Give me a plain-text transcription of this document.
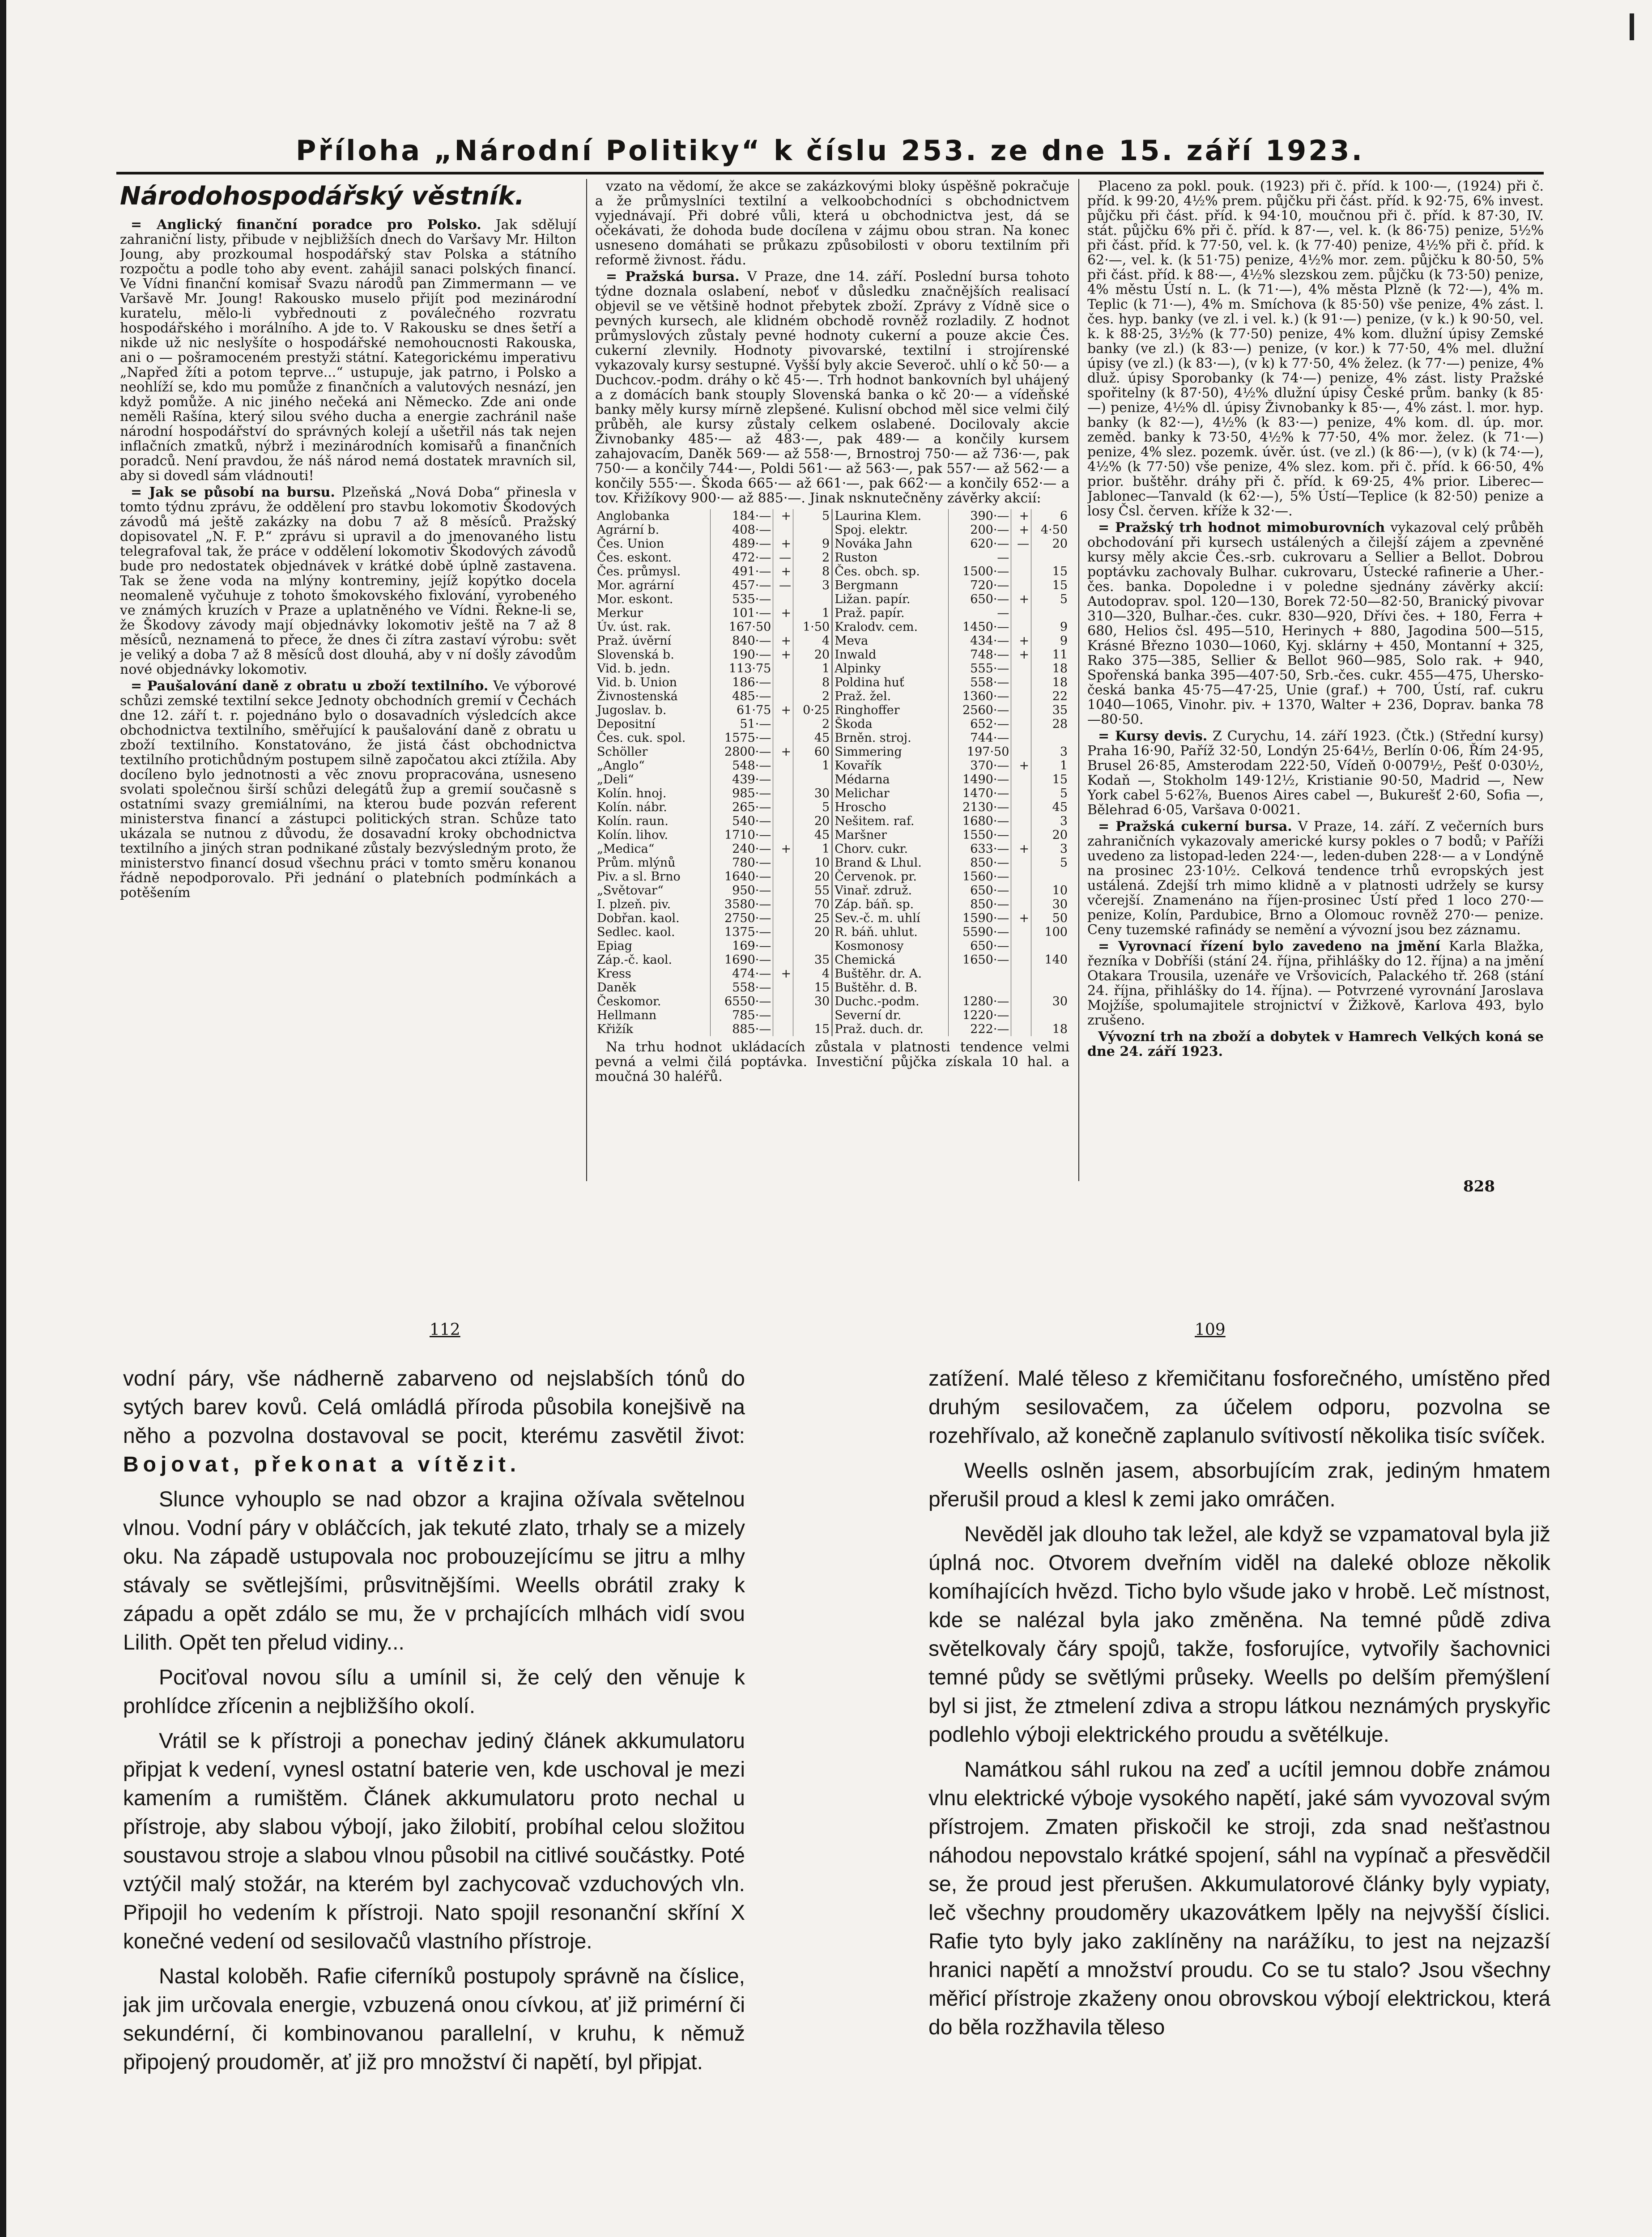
Příloha „Národní Politiky“ k číslu 253. ze dne 15. září 1923.
Národohospodářský věstník.

= Anglický finanční poradce pro Polsko. Jak sdělují zahraniční listy, přibude v nejbližších dnech do Varšavy Mr. Hilton Joung, aby prozkoumal hospodářský stav Polska a státního rozpočtu a podle toho aby event. zahájil sanaci polských financí. Ve Vídni finanční komisař Svazu národů pan Zimmermann — ve Varšavě Mr. Joung! Rakousko muselo přijít pod mezinárodní kuratelu, mělo-li vybřednouti z poválečného rozvratu hospodářského i morálního. A jde to. V Rakousku se dnes šetří a nikde už nic neslyšíte o hospodářské nemohoucnosti Rakouska, ani o — pošramoceném prestyži státní. Kategorickému imperativu „Napřed žíti a potom teprve...“ ustupuje, jak patrno, i Polsko a neohlíží se, kdo mu pomůže z finančních a valutových nesnází, jen když pomůže. A nic jiného nečeká ani Německo. Zde ani onde neměli Rašína, který silou svého ducha a energie zachránil naše národní hospodářství do správných kolejí a ušetřil nás tak nejen inflačních zmatků, nýbrž i mezinárodních komisařů a finančních poradců. Není pravdou, že náš národ nemá dostatek mravních sil, aby si dovedl sám vládnouti!

= Jak se působí na bursu. Plzeňská „Nová Doba“ přinesla v tomto týdnu zprávu, že oddělení pro stavbu lokomotiv Škodových závodů má ještě zakázky na dobu 7 až 8 měsíců. Pražský dopisovatel „N. F. P.“ zprávu si upravil a do jmenovaného listu telegrafoval tak, že práce v oddělení lokomotiv Škodových závodů bude pro nedostatek objednávek v krátké době úplně zastavena. Tak se žene voda na mlýny kontreminy, jejíž kopýtko docela neomaleně vyčuhuje z tohoto šmokovského fixlování, vyrobeného ve známých kruzích v Praze a uplatněného ve Vídni. Řekne-li se, že Škodovy závody mají objednávky lokomotiv ještě na 7 až 8 měsíců, neznamená to přece, že dnes či zítra zastaví výrobu: svět je veliký a doba 7 až 8 měsíců dost dlouhá, aby v ní došly závodům nové objednávky lokomotiv.

= Paušalování daně z obratu u zboží textilního. Ve výborové schůzi zemské textilní sekce Jednoty obchodních gremií v Čechách dne 12. září t. r. pojednáno bylo o dosavadních výsledcích akce obchodnictva textilního, směřující k paušalování daně z obratu u zboží textilního. Konstatováno, že jistá část obchodnictva textilního protichůdným postupem silně započatou akci ztížila. Aby docíleno bylo jednotnosti a věc znovu propracována, usneseno svolati společnou širší schůzi delegátů žup a gremií současně s ostatními svazy gremiálními, na kterou bude pozván referent ministerstva financí a zástupci politických stran. Schůze tato ukázala se nutnou z důvodu, že dosavadní kroky obchodnictva textilního a jiných stran podnikané zůstaly bezvýsledným proto, že ministerstvo financí dosud všechnu práci v tomto směru konanou řádně nepodporovalo. Při jednání o platebních podmínkách a potěšením

vzato na vědomí, že akce se zakázkovými bloky úspěšně pokračuje a že průmyslníci textilní a velkoobchodníci s obchodnictvem vyjednávají. Při dobré vůli, která u obchodnictva jest, dá se očekávati, že dohoda bude docílena v zájmu obou stran. Na konec usneseno domáhati se průkazu způsobilosti v oboru textilním při reformě živnost. řádu.

= Pražská bursa. V Praze, dne 14. září. Poslední bursa tohoto týdne doznala oslabení, neboť v důsledku značnějších realisací objevil se ve většině hodnot přebytek zboží. Zprávy z Vídně sice o pevných kursech, ale klidném obchodě rovněž rozladily. Z hodnot průmyslových zůstaly pevné hodnoty cukerní a pouze akcie Čes. cukerní zlevnily. Hodnoty pivovarské, textilní i strojírenské vykazovaly kursy sestupné. Vyšší byly akcie Severoč. uhlí o kč 50·— a Duchcov.-podm. dráhy o kč 45·—. Trh hodnot bankovních byl uhájený a z domácích bank stouply Slovenská banka o kč 20·— a vídeňské banky měly kursy mírně zlepšené. Kulisní obchod měl sice velmi čilý průběh, ale kursy zůstaly celkem oslabené. Docilovaly akcie Živnobanky 485·— až 483·—, pak 489·— a končily kursem zahajovacím, Daněk 569·— až 558·—, Brnostroj 750·— až 736·—, pak 750·— a končily 744·—, Poldi 561·— až 563·—, pak 557·— až 562·— a končily 555·—. Škoda 665·— až 661·—, pak 662·— a končily 652·— a tov. Křižíkovy 900·— až 885·—. Jinak nsknutečněny závěrky akcií:

Anglobanka	184·—	+	5	Laurina Klem.	390·—	+	6
Agrární b.	408·—			Spoj. elektr.	200·—	+	4·50
Čes. Union	489·—	+	9	Nováka Jahn	620·—	—	20
Čes. eskont.	472·—	—	2	Ruston	—		
Čes. průmysl.	491·—	+	8	Čes. obch. sp.	1500·—		15
Mor. agrární	457·—	—	3	Bergmann	720·—		15
Mor. eskont.	535·—			Ližan. papír.	650·—	+	5
Merkur	101·—	+	1	Praž. papír.	—		
Úv. úst. rak.	167·50		1·50	Kralodv. cem.	1450·—		9
Praž. úvěrní	840·—	+	4	Meva	434·—	+	9
Slovenská b.	190·—	+	20	Inwald	748·—	+	11
Vid. b. jedn.	113·75		1	Alpinky	555·—		18
Vid. b. Union	186·—		8	Poldina huť	558·—		18
Živnostenská	485·—		2	Praž. žel.	1360·—		22
Jugoslav. b.	61·75	+	0·25	Ringhoffer	2560·—		35
Depositní	51·—		2	Škoda	652·—		28
Čes. cuk. spol.	1575·—		45	Brněn. stroj.	744·—		
Schöller	2800·—	+	60	Simmering	197·50		3
„Anglo“	548·—		1	Kovařík	370·—	+	1
„Deli“	439·—			Médarna	1490·—		15
Kolín. hnoj.	985·—		30	Melichar	1470·—		5
Kolín. nábr.	265·—		5	Hroscho	2130·—		45
Kolín. raun.	540·—		20	Nešitem. raf.	1680·—		3
Kolín. lihov.	1710·—		45	Maršner	1550·—		20
„Medica“	240·—	+	1	Chorv. cukr.	633·—	+	3
Prům. mlýnů	780·—		10	Brand & Lhul.	850·—		5
Piv. a sl. Brno	1640·—		20	Červenok. pr.	1560·—		
„Světovar“	950·—		55	Vinař. združ.	650·—		10
I. plzeň. piv.	3580·—		70	Záp. báň. sp.	850·—		30
Dobřan. kaol.	2750·—		25	Sev.-č. m. uhlí	1590·—	+	50
Sedlec. kaol.	1375·—		20	R. báň. uhlut.	5590·—		100
Epiag	169·—			Kosmonosy	650·—		
Záp.-č. kaol.	1690·—		35	Chemická	1650·—		140
Kress	474·—	+	4	Buštěhr. dr. A.			
Daněk	558·—		15	Buštěhr. d. B.			
Českomor.	6550·—		30	Duchc.-podm.	1280·—		30
Hellmann	785·—			Severní dr.	1220·—		
Křižík	885·—		15	Praž. duch. dr.	222·—		18

Na trhu hodnot ukládacích zůstala v platnosti tendence velmi pevná a velmi čilá poptávka. Investiční půjčka získala 10 hal. a moučná 30 haléřů.

Placeno za pokl. pouk. (1923) při č. příd. k 100·—, (1924) při č. příd. k 99·20, 4½% prem. půjčku při část. příd. k 92·75, 6% invest. půjčku při část. příd. k 94·10, moučnou při č. příd. k 87·30, IV. stát. půjčku 6% při č. příd. k 87·—, vel. k. (k 86·75) penize, 5½% při část. příd. k 77·50, vel. k. (k 77·40) penize, 4½% při č. příd. k 62·—, vel. k. (k 51·75) penize, 4½% mor. zem. půjčku k 80·50, 5% při část. příd. k 88·—, 4½% slezskou zem. půjčku (k 73·50) penize, 4% městu Ústí n. L. (k 71·—), 4% města Plzně (k 72·—), 4% m. Teplic (k 71·—), 4% m. Smíchova (k 85·50) vše penize, 4% zást. l. čes. hyp. banky (ve zl. i vel. k.) (k 91·—) penize, (v k.) k 90·50, vel. k. k 88·25, 3½% (k 77·50) penize, 4% kom. dlužní úpisy Zemské banky (ve zl.) (k 83·—) penize, (v kor.) k 77·50, 4% mel. dlužní úpisy (ve zl.) (k 83·—), (v k) k 77·50, 4% želez. (k 77·—) penize, 4% dluž. úpisy Sporobanky (k 74·—) penize, 4% zást. listy Pražské spořitelny (k 87·50), 4½% dlužní úpisy České prům. banky (k 85·—) penize, 4½% dl. úpisy Živnobanky k 85·—, 4% zást. l. mor. hyp. banky (k 82·—), 4½% (k 83·—) penize, 4% kom. dl. úp. mor. zeměd. banky k 73·50, 4½% k 77·50, 4% mor. želez. (k 71·—) penize, 4% slez. pozemk. úvěr. úst. (ve zl.) (k 86·—), (v k) (k 74·—), 4½% (k 77·50) vše penize, 4% slez. kom. při č. příd. k 66·50, 4% prior. buštěhr. dráhy při č. příd. k 69·25, 4% prior. Liberec—Jablonec—Tanvald (k 62·—), 5% Ústí—Teplice (k 82·50) penize a losy Čsl. červen. kříže k 32·—.

= Pražský trh hodnot mimoburovních vykazoval celý průběh obchodování při kursech ustálených a čilejší zájem a zpevněné kursy měly akcie Čes.-srb. cukrovaru a Sellier a Bellot. Dobrou poptávku zachovaly Bulhar. cukrovaru, Ústecké rafinerie a Uher.-čes. banka. Dopoledne i v poledne sjednány závěrky akcií: Autodoprav. spol. 120—130, Borek 72·50—82·50, Branický pivovar 310—320, Bulhar.-čes. cukr. 830—920, Dřívi čes. + 180, Ferra + 680, Helios čsl. 495—510, Herinych + 880, Jagodina 500—515, Krásné Březno 1030—1060, Kyj. sklárny + 450, Montanní + 325, Rako 375—385, Sellier & Bellot 960—985, Solo rak. + 940, Spořenská banka 395—407·50, Srb.-čes. cukr. 455—475, Uhersko-česká banka 45·75—47·25, Unie (graf.) + 700, Ústí, raf. cukru 1040—1065, Vinohr. piv. + 1370, Walter + 236, Doprav. banka 78—80·50.

= Kursy devis. Z Curychu, 14. září 1923. (Čtk.) (Střední kursy) Praha 16·90, Paříž 32·50, Londýn 25·64½, Berlín 0·06, Řím 24·95, Brusel 26·85, Amsterodam 222·50, Vídeň 0·0079½, Pešť 0·030½, Kodaň —, Stokholm 149·12½, Kristianie 90·50, Madrid —, New York cabel 5·62⅞, Buenos Aires cabel —, Bukurešť 2·60, Sofia —, Bělehrad 6·05, Varšava 0·0021.

= Pražská cukerní bursa. V Praze, 14. září. Z večerních burs zahraničních vykazovaly americké kursy pokles o 7 bodů; v Paříži uvedeno za listopad-leden 224·—, leden-duben 228·— a v Londýně na prosinec 23·10½. Celková tendence trhů evropských jest ustálená. Zdejší trh mimo klidně a v platnosti udržely se kursy včerejší. Znamenáno na říjen-prosinec Ústí před 1 loco 270·— penize, Kolín, Pardubice, Brno a Olomouc rovněž 270·— penize. Ceny tuzemské rafinády se nemění a vývozní jsou bez záznamu.

= Vyrovnací řízení bylo zavedeno na jmění Karla Blažka, řezníka v Dobříši (stání 24. října, přihlášky do 12. října) a na jmění Otakara Trousila, uzenáře ve Vršovicích, Palackého tř. 268 (stání 24. října, přihlášky do 14. října). — Potvrzené vyrovnání Jaroslava Mojžíše, spolumajitele strojnictví v Žižkově, Karlova 493, bylo zrušeno.

Vývozní trh na zboží a dobytek v Hamrech Velkých koná se dne 24. září 1923.

828
112	109

vodní páry, vše nádherně zabarveno od nejslabších tónů do sytých barev kovů. Celá omládlá příroda působila konejšivě na něho a pozvolna dostavoval se pocit, kterému zasvětil život: Bojovat, překonat a vítězit.

Slunce vyhouplo se nad obzor a krajina ožívala světelnou vlnou. Vodní páry v obláčcích, jak tekuté zlato, trhaly se a mizely oku. Na západě ustupovala noc probouzejícímu se jitru a mlhy stávaly se světlejšími, průsvitnějšími. Weells obrátil zraky k západu a opět zdálo se mu, že v prchajících mlhách vidí svou Lilith. Opět ten přelud vidiny...

Pociťoval novou sílu a umínil si, že celý den věnuje k prohlídce zřícenin a nejbližšího okolí.

Vrátil se k přístroji a ponechav jediný článek akkumulatoru připjat k vedení, vynesl ostatní baterie ven, kde uschoval je mezi kamením a rumištěm. Článek akkumulatoru proto nechal u přístroje, aby slabou výbojí, jako žilobití, probíhal celou složitou soustavou stroje a slabou vlnou působil na citlivé součástky. Poté vztýčil malý stožár, na kterém byl zachycovač vzduchových vln. Připojil ho vedením k přístroji. Nato spojil resonanční skříní X konečné vedení od sesilovačů vlastního přístroje.

Nastal koloběh. Rafie ciferníků postupoly správně na číslice, jak jim určovala energie, vzbuzená onou cívkou, ať již primérní či sekundérní, či kombinovanou parallelní, v kruhu, k němuž připojený proudoměr, ať již pro množství či napětí, byl připjat.

zatížení. Malé těleso z křemičitanu fosforečného, umístěno před druhým sesilovačem, za účelem odporu, pozvolna se rozehřívalo, až konečně zaplanulo svítivostí několika tisíc svíček.

Weells oslněn jasem, absorbujícím zrak, jediným hmatem přerušil proud a klesl k zemi jako omráčen.

Nevěděl jak dlouho tak ležel, ale když se vzpamatoval byla již úplná noc. Otvorem dveřním viděl na daleké obloze několik komíhajících hvězd. Ticho bylo všude jako v hrobě. Leč místnost, kde se nalézal byla jako změněna. Na temné půdě zdiva světelkovaly čáry spojů, takže, fosforujíce, vytvořily šachovnici temné půdy se světlými průseky. Weells po delším přemýšlení byl si jist, že ztmelení zdiva a stropu látkou neznámých pryskyřic podlehlo výboji elektrického proudu a světélkuje.

Namátkou sáhl rukou na zeď a ucítil jemnou dobře známou vlnu elektrické výboje vysokého napětí, jaké sám vyvozoval svým přístrojem. Zmaten přiskočil ke stroji, zda snad nešťastnou náhodou nepovstalo krátké spojení, sáhl na vypínač a přesvědčil se, že proud jest přerušen. Akkumulatorové články byly vypiaty, leč všechny proudoměry ukazovátkem lpěly na nejvyšší číslici. Rafie tyto byly jako zaklíněny na narážíku, to jest na nejzazší hranici napětí a množství proudu. Co se tu stalo? Jsou všechny měřicí přístroje zkaženy onou obrovskou výbojí elektrickou, která do běla rozžhavila těleso
